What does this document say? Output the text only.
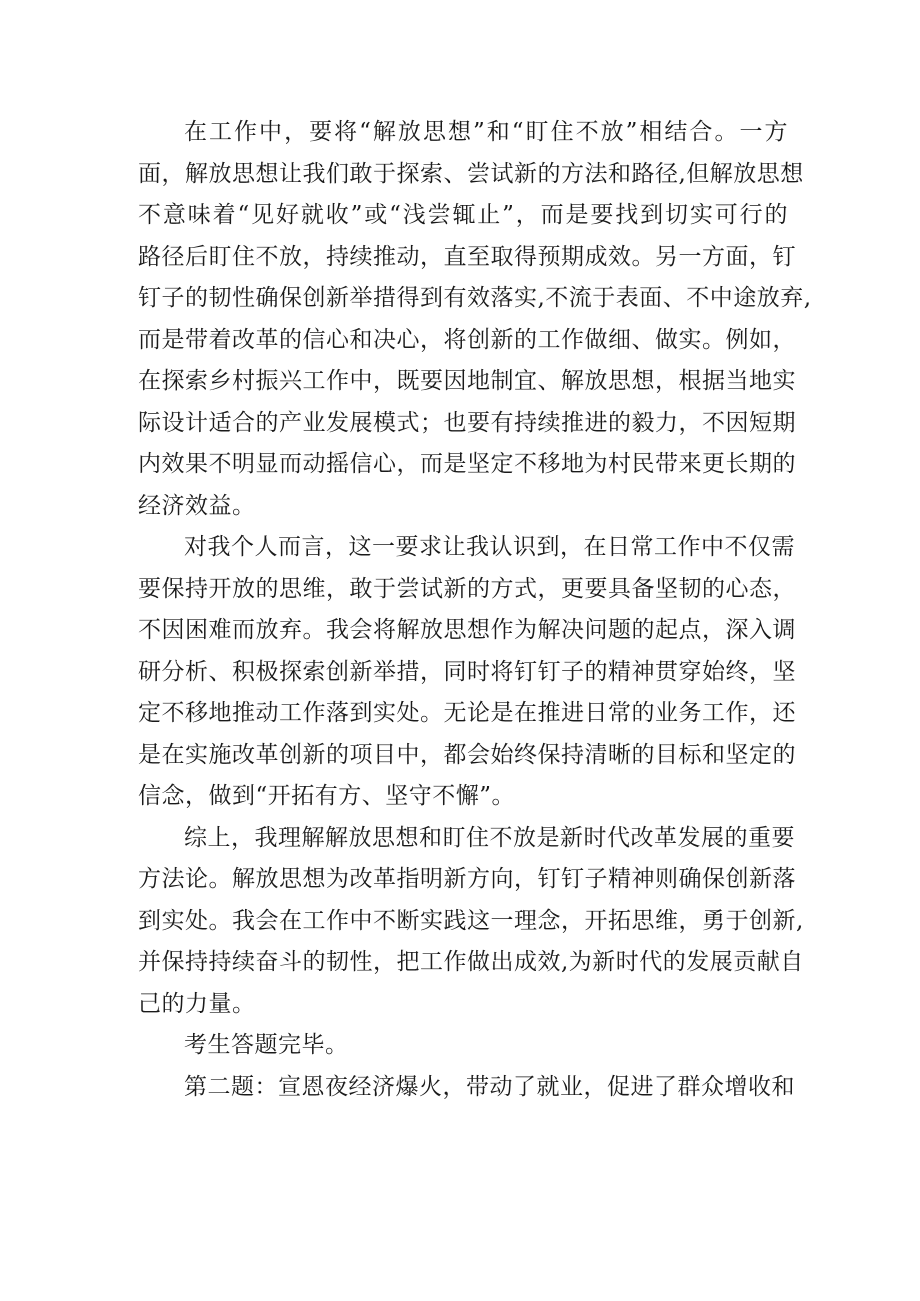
在工作中，要将“解放思想”和“盯住不放”相结合。一方
面，解放思想让我们敢于探索、尝试新的方法和路径,但解放思想
不意味着“见好就收”或“浅尝辄止”，而是要找到切实可行的
路径后盯住不放，持续推动，直至取得预期成效。另一方面，钉
钉子的韧性确保创新举措得到有效落实,不流于表面、不中途放弃,
而是带着改革的信心和决心，将创新的工作做细、做实。例如，
在探索乡村振兴工作中，既要因地制宜、解放思想，根据当地实
际设计适合的产业发展模式；也要有持续推进的毅力，不因短期
内效果不明显而动摇信心，而是坚定不移地为村民带来更长期的
经济效益。
对我个人而言，这一要求让我认识到，在日常工作中不仅需
要保持开放的思维，敢于尝试新的方式，更要具备坚韧的心态，
不因困难而放弃。我会将解放思想作为解决问题的起点，深入调
研分析、积极探索创新举措，同时将钉钉子的精神贯穿始终，坚
定不移地推动工作落到实处。无论是在推进日常的业务工作，还
是在实施改革创新的项目中，都会始终保持清晰的目标和坚定的
信念，做到“开拓有方、坚守不懈”。
综上，我理解解放思想和盯住不放是新时代改革发展的重要
方法论。解放思想为改革指明新方向，钉钉子精神则确保创新落
到实处。我会在工作中不断实践这一理念，开拓思维，勇于创新,
并保持持续奋斗的韧性，把工作做出成效,为新时代的发展贡献自
己的力量。
考生答题完毕。
第二题：宣恩夜经济爆火，带动了就业，促进了群众增收和
